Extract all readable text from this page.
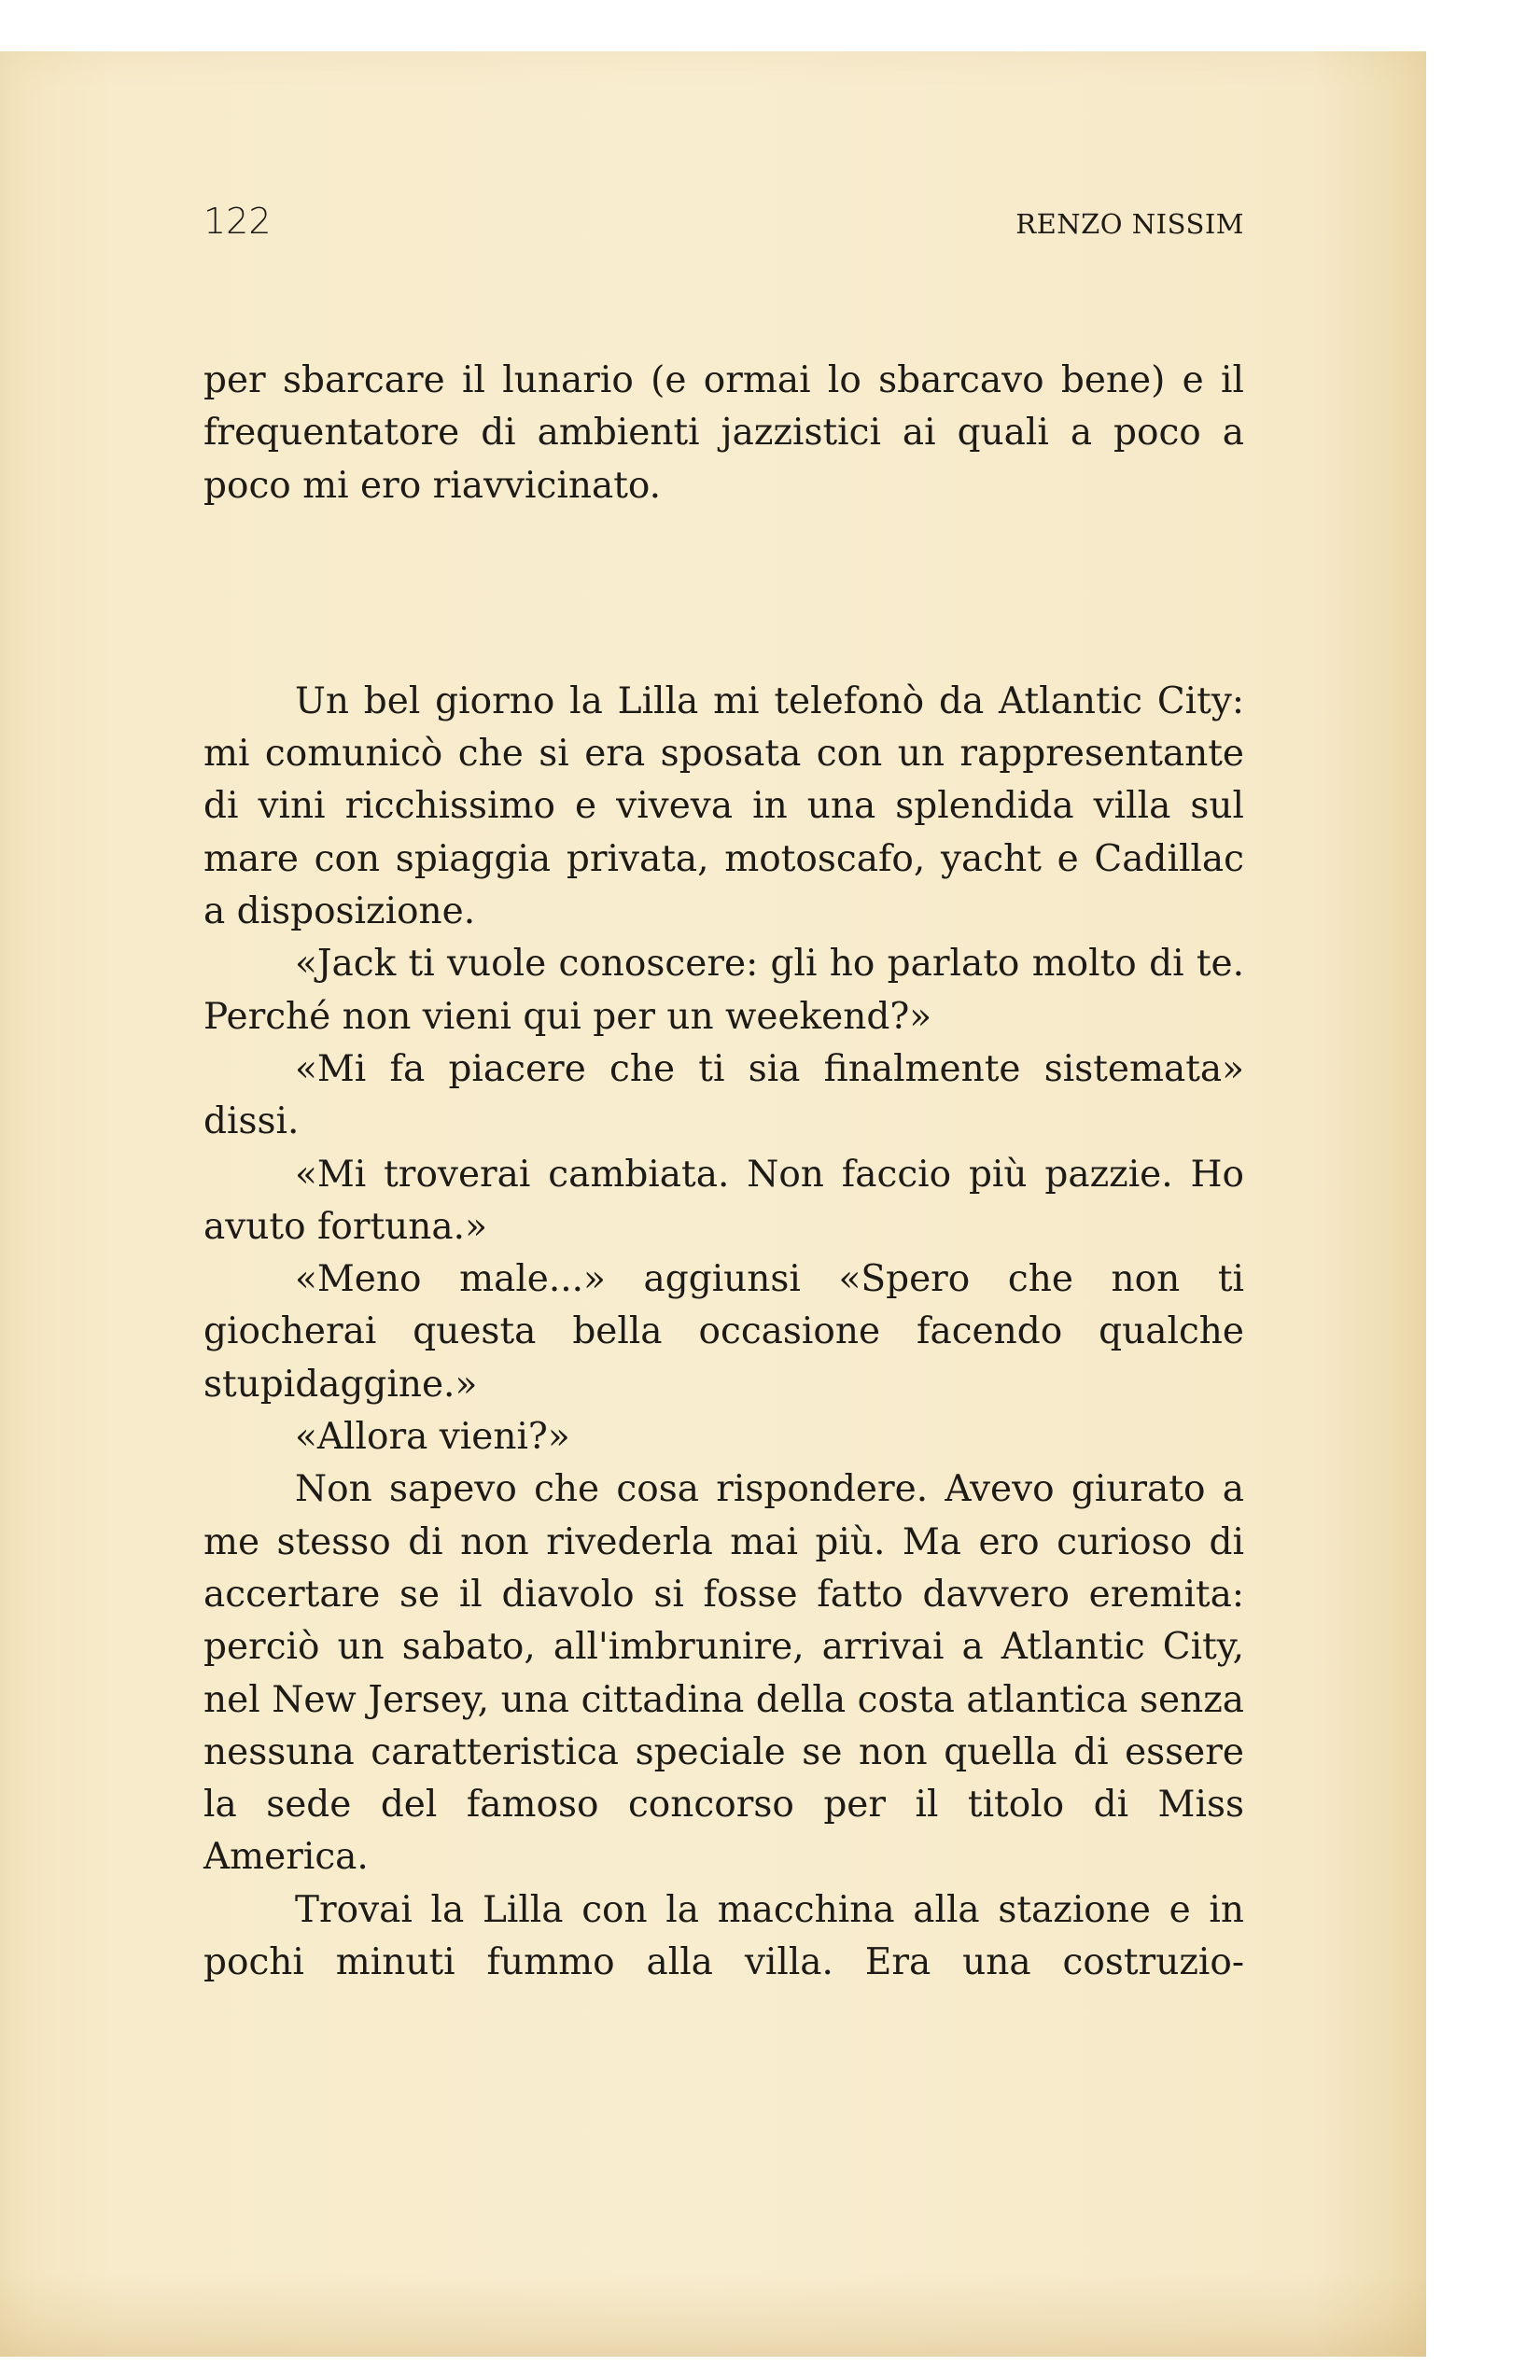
122	RENZO NISSIM

per sbarcare il lunario (e ormai lo sbarcavo bene) e il frequentatore di ambienti jazzistici ai quali a poco a poco mi ero riavvicinato.

Un bel giorno la Lilla mi telefonò da Atlantic City: mi comunicò che si era sposata con un rappresentante di vini ricchissimo e viveva in una splendida villa sul mare con spiaggia privata, motoscafo, yacht e Cadillac a disposizione.

«Jack ti vuole conoscere: gli ho parlato molto di te. Perché non vieni qui per un weekend?»

«Mi fa piacere che ti sia finalmente sistemata» dissi.

«Mi troverai cambiata. Non faccio più pazzie. Ho avuto fortuna.»

«Meno male...» aggiunsi «Spero che non ti giocherai questa bella occasione facendo qualche stupidaggine.»

«Allora vieni?»

Non sapevo che cosa rispondere. Avevo giurato a me stesso di non rivederla mai più. Ma ero curioso di accertare se il diavolo si fosse fatto davvero eremita: perciò un sabato, all'imbrunire, arrivai a Atlantic City, nel New Jersey, una cittadina della costa atlantica senza nessuna caratteristica speciale se non quella di essere la sede del famoso concorso per il titolo di Miss America.

Trovai la Lilla con la macchina alla stazione e in pochi minuti fummo alla villa. Era una costruzio-
